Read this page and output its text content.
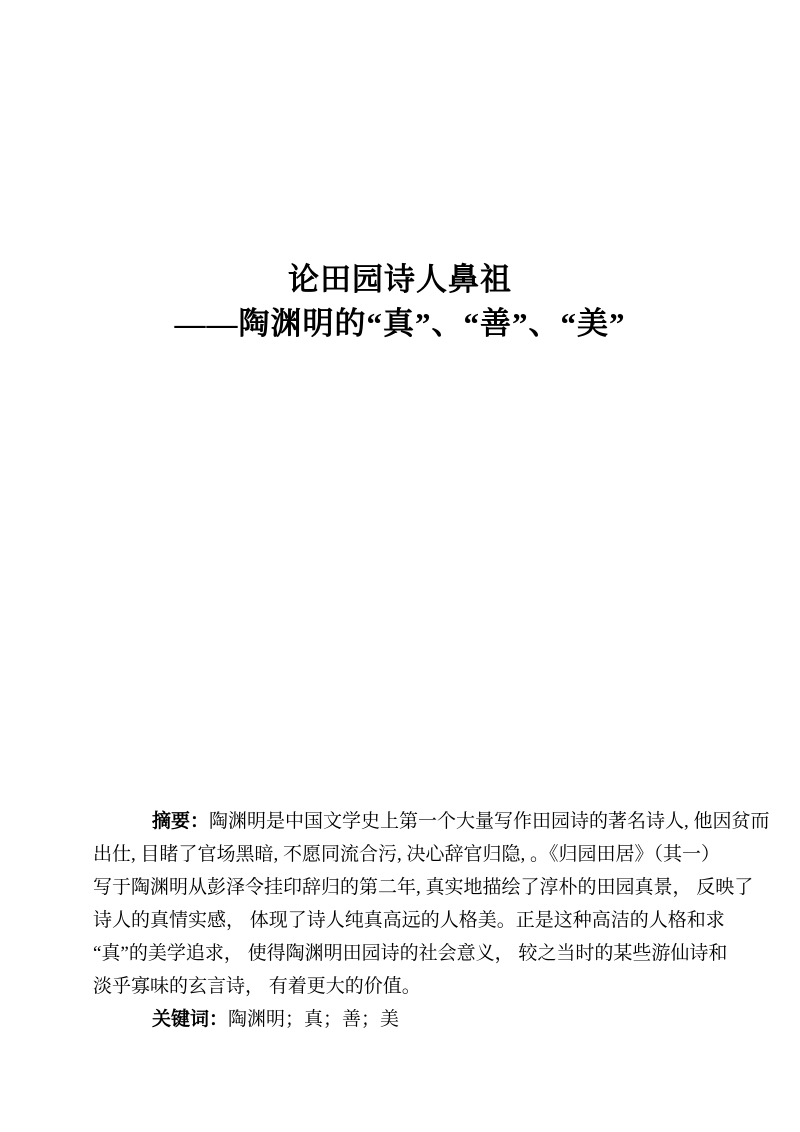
论田园诗人鼻祖
——陶渊明的“真”、“善”、“美”

摘要：陶渊明是中国文学史上第一个大量写作田园诗的著名诗人, 他因贫而

出仕, 目睹了官场黑暗, 不愿同流合污, 决心辞官归隐, 。《归园田居》（其一）

写于陶渊明从彭泽令挂印辞归的第二年, 真实地描绘了淳朴的田园真景， 反映了

诗人的真情实感， 体现了诗人纯真高远的人格美。正是这种高洁的人格和求

“真”的美学追求， 使得陶渊明田园诗的社会意义， 较之当时的某些游仙诗和

淡乎寡味的玄言诗， 有着更大的价值。

关键词：陶渊明；真；善；美
